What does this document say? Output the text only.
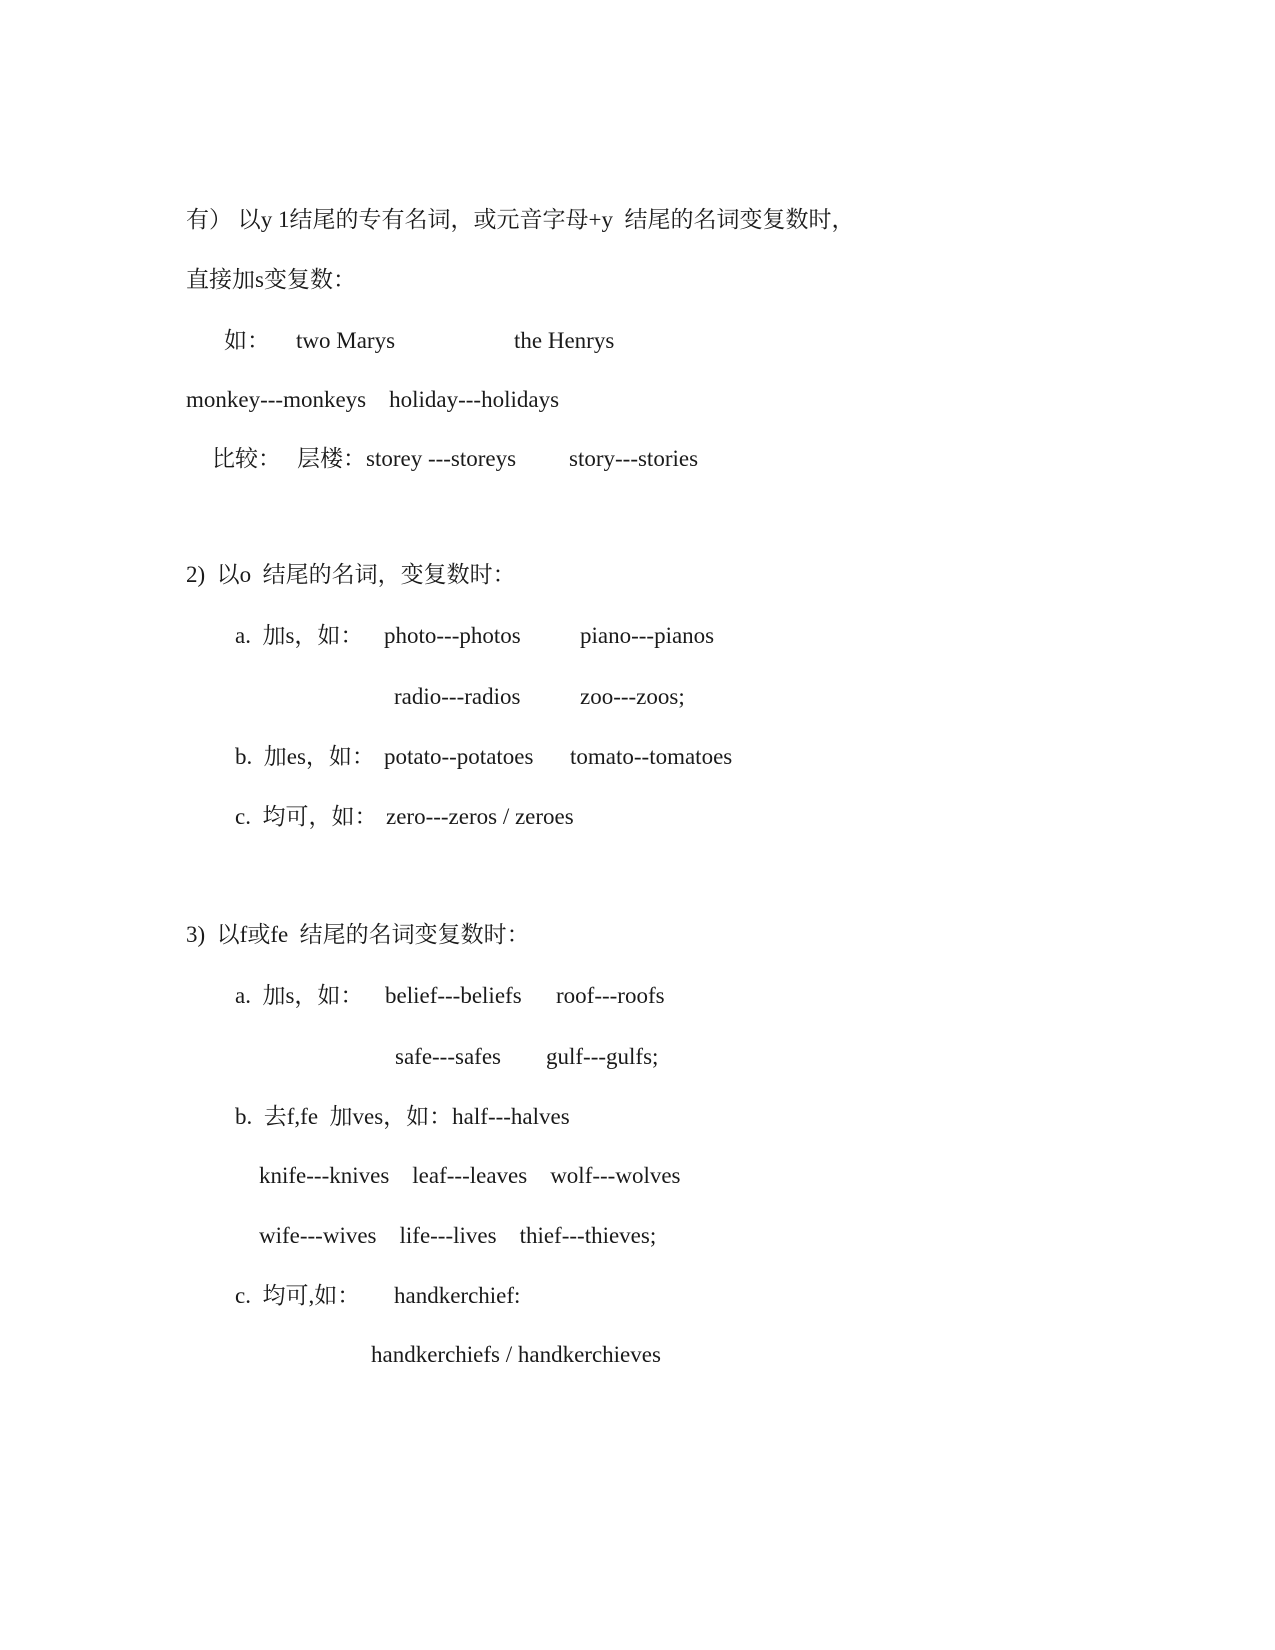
有） 以y 1结尾的专有名词，或元音字母+y  结尾的名词变复数时，
直接加s变复数：
如： two Marys	the Henrys
monkey---monkeys    holiday---holidays
比较： 层楼：storey ---storeys story---stories
2)  以o  结尾的名词，变复数时：
a.  加s，如： photo---photos	piano---pianos
radio---radios	zoo---zoos;
b.  加es，如： potato--potatoes tomato--tomatoes
c.  均可，如： zero---zeros / zeroes
3)  以f或fe  结尾的名词变复数时：
a.  加s，如： belief---beliefs roof---roofs
safe---safes gulf---gulfs;
b.  去f,fe  加ves，如：half---halves
knife---knives    leaf---leaves    wolf---wolves
wife---wives    life---lives    thief---thieves;
c.  均可,如： handkerchief:
handkerchiefs / handkerchieves
